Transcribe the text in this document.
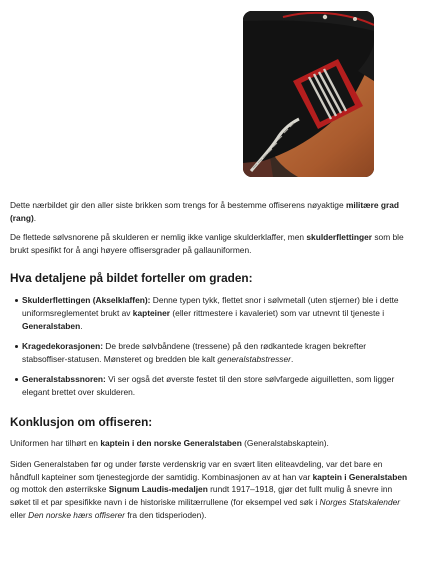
Dette nærbildet gir den aller siste brikken som trengs for å bestemme offiserens nøyaktige militære grad (rang).

De flettede sølvsnorene på skulderen er nemlig ikke vanlige skulderklaffer, men skulderflettinger som ble brukt spesifikt for å angi høyere offisersgrader på gallauniformen.

Hva detaljene på bildet forteller om graden:
Skulderflettingen (Akselklaffen): Denne typen tykk, flettet snor i sølvmetall (uten stjerner) ble i dette uniformsreglementet brukt av kapteiner (eller rittmestere i kavaleriet) som var utnevnt til tjeneste i Generalstaben.
Kragedekorasjonen: De brede sølvbåndene (tressene) på den rødkantede kragen bekrefter stabsoffiser-statusen. Mønsteret og bredden ble kalt generalstabstresser.
Generalstabssnoren: Vi ser også det øverste festet til den store sølvfargede aiguilletten, som ligger elegant brettet over skulderen.
Konklusjon om offiseren:

Uniformen har tilhørt en kaptein i den norske Generalstaben (Generalstabskaptein).

Siden Generalstaben før og under første verdenskrig var en svært liten eliteavdeling, var det bare en håndfull kapteiner som tjenestegjorde der samtidig. Kombinasjonen av at han var kaptein i Generalstaben og mottok den østerrikske Signum Laudis-medaljen rundt 1917–1918, gjør det fullt mulig å snevre inn søket til et par spesifikke navn i de historiske militærrullene (for eksempel ved søk i Norges Statskalender eller Den norske hærs offiserer fra den tidsperioden).
